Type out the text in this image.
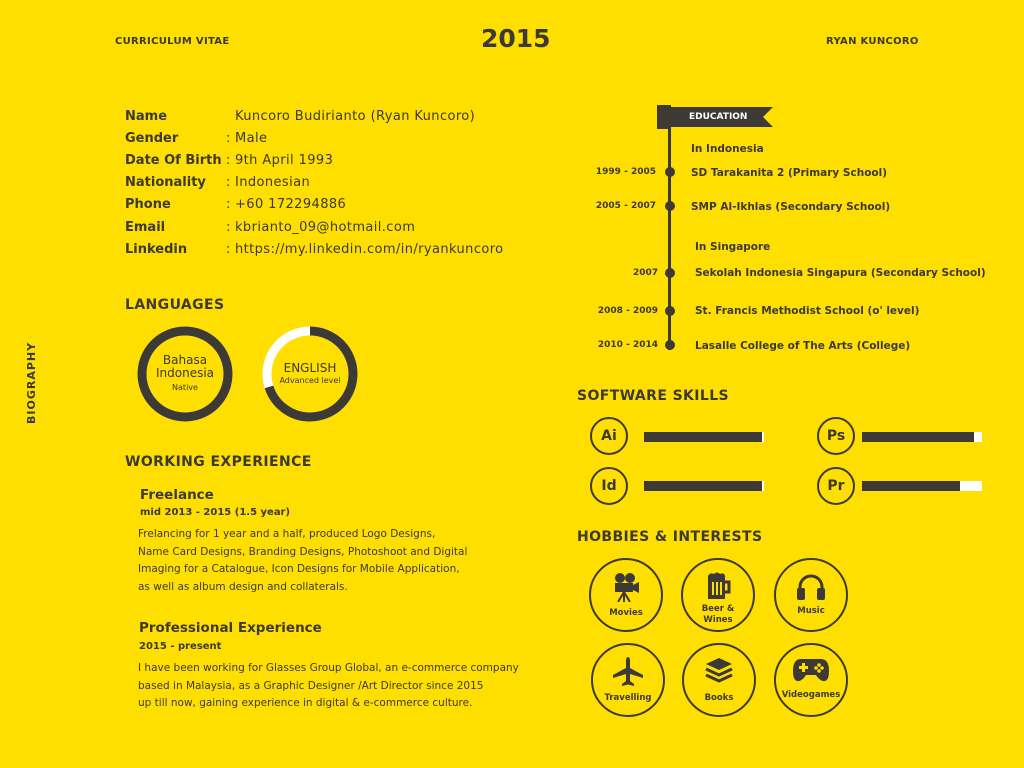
CURRICULUM VITAE	2015	RYAN KUNCORO
BIOGRAPHY
Name	Kuncoro Budirianto (Ryan Kuncoro)
Gender	: Male
Date Of Birth : 9th April 1993
Nationality	: Indonesian
Phone	: +60 172294886
Email	: kbrianto_09@hotmail.com
Linkedin	: https://my.linkedin.com/in/ryankuncoro
LANGUAGES
Bahasa
Indonesia
Native
ENGLISH
Advanced level
WORKING EXPERIENCE
Freelance
mid 2013 - 2015 (1.5 year)
Frelancing for 1 year and a half, produced Logo Designs,
Name Card Designs, Branding Designs, Photoshoot and Digital
Imaging for a Catalogue, Icon Designs for Mobile Application,
as well as album design and collaterals.
Professional Experience
2015 - present
I have been working for Glasses Group Global, an e-commerce company
based in Malaysia, as a Graphic Designer /Art Director since 2015
up till now, gaining experience in digital & e-commerce culture.
EDUCATION
In Indonesia
1999 - 2005	SD Tarakanita 2 (Primary School)
2005 - 2007	SMP Al-Ikhlas (Secondary School)
In Singapore
2007	Sekolah Indonesia Singapura (Secondary School)
2008 - 2009	St. Francis Methodist School (o' level)
2010 - 2014	Lasalle College of The Arts (College)
SOFTWARE SKILLS
Ai	Ps
Id	Pr
HOBBIES & INTERESTS
Movies	Beer &
Wines
Music
Travelling	Books	Videogames
